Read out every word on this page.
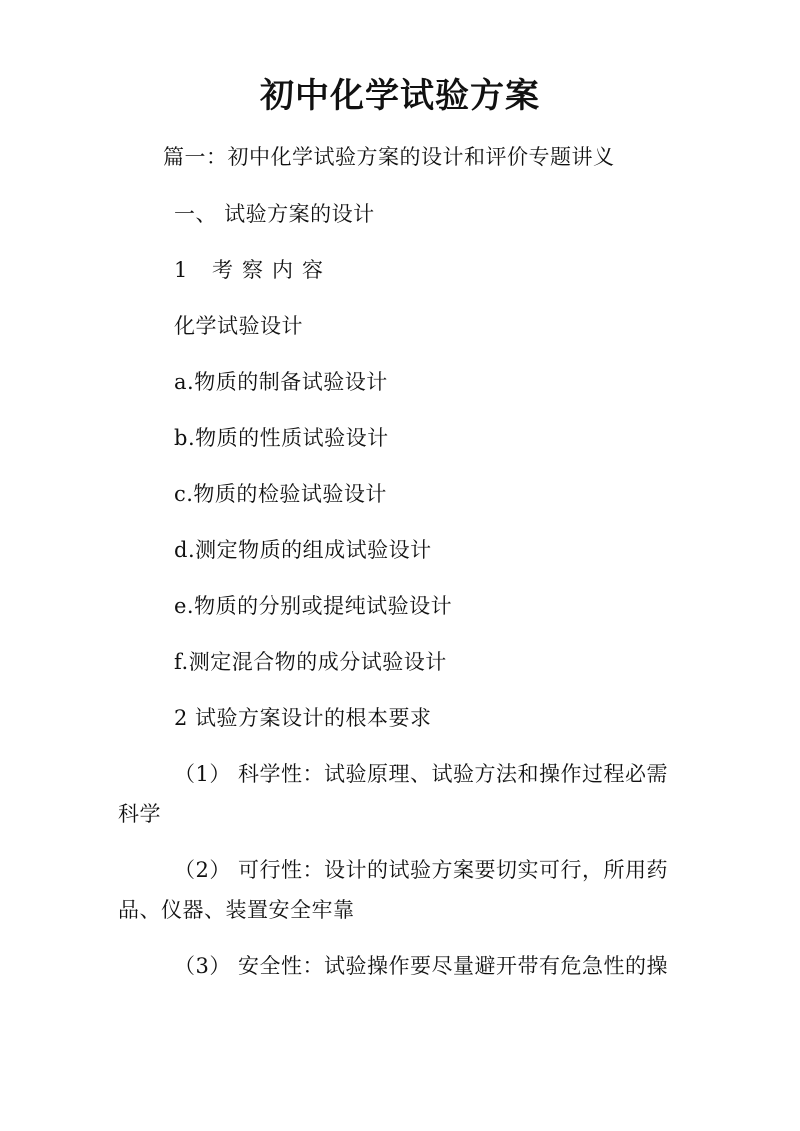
初中化学试验方案
篇一：初中化学试验方案的设计和评价专题讲义
一、 试验方案的设计
1 考察内容
化学试验设计
a.物质的制备试验设计
b.物质的性质试验设计
c.物质的检验试验设计
d.测定物质的组成试验设计
e.物质的分别或提纯试验设计
f.测定混合物的成分试验设计
2 试验方案设计的根本要求
（1） 科学性：试验原理、试验方法和操作过程必需
科学
（2） 可行性：设计的试验方案要切实可行，所用药
品、仪器、装置安全牢靠
（3） 安全性：试验操作要尽量避开带有危急性的操
